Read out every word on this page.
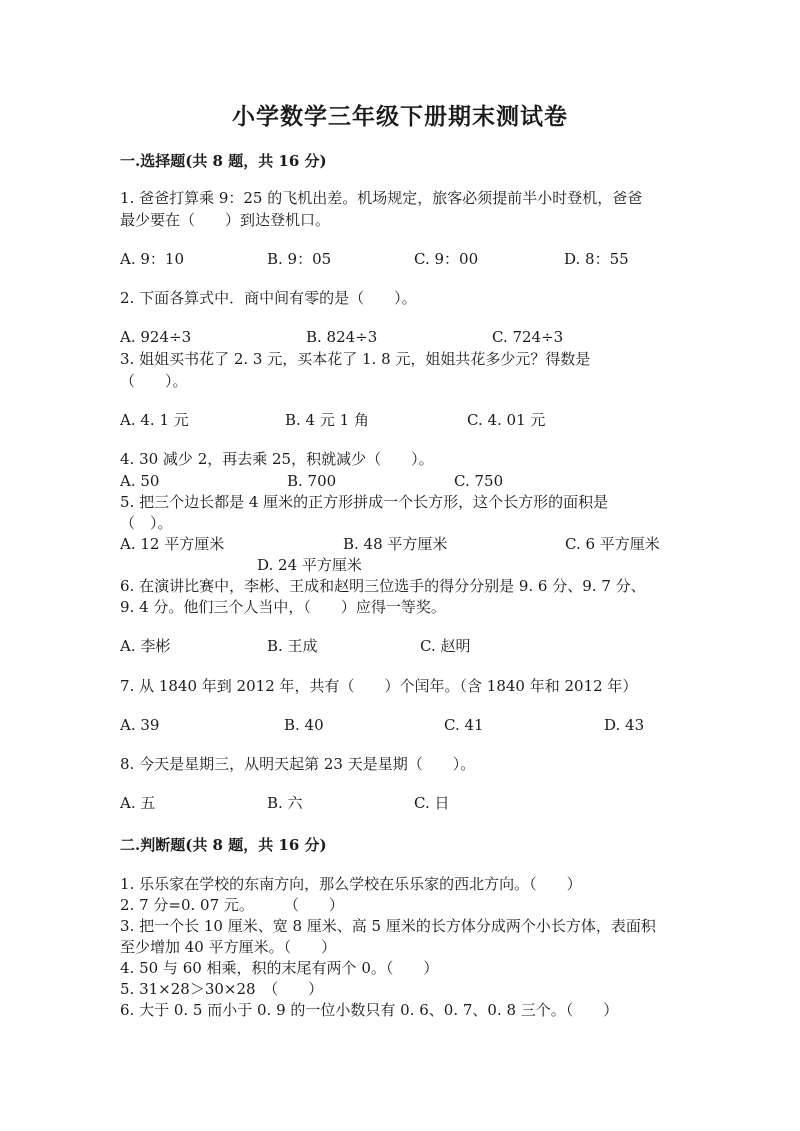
小学数学三年级下册期末测试卷
一.选择题(共 8 题，共 16 分)
1. 爸爸打算乘 9：25 的飞机出差。机场规定，旅客必须提前半小时登机，爸爸
最少要在（　　）到达登机口。
A. 9：10	B. 9：05	C. 9：00	D. 8：55
2. 下面各算式中．商中间有零的是（　　）。
A. 924÷3	B. 824÷3	C. 724÷3
3. 姐姐买书花了 2. 3 元，买本花了 1. 8 元，姐姐共花多少元？得数是
（　　）。
A. 4. 1 元	B. 4 元 1 角	C. 4. 01 元
4. 30 减少 2，再去乘 25，积就减少（　　）。
A. 50	B. 700	C. 750
5. 把三个边长都是 4 厘米的正方形拼成一个长方形，这个长方形的面积是
（　）。
A. 12 平方厘米	B. 48 平方厘米	C. 6 平方厘米
D. 24 平方厘米
6. 在演讲比赛中，李彬、王成和赵明三位选手的得分分别是 9. 6 分、9. 7 分、
9. 4 分。他们三个人当中，（　　）应得一等奖。
A. 李彬	B. 王成	C. 赵明
7. 从 1840 年到 2012 年，共有（　　）个闰年。（含 1840 年和 2012 年）
A. 39	B. 40	C. 41	D. 43
8. 今天是星期三，从明天起第 23 天是星期（　　）。
A. 五	B. 六	C. 日
二.判断题(共 8 题，共 16 分)
1. 乐乐家在学校的东南方向，那么学校在乐乐家的西北方向。（　　）
2. 7 分=0. 07 元。　　　（　　）
3. 把一个长 10 厘米、宽 8 厘米、高 5 厘米的长方体分成两个小长方体，表面积
至少增加 40 平方厘米。（　　）
4. 50 与 60 相乘，积的末尾有两个 0。（　　）
5. 31×28＞30×28　（　　）
6. 大于 0. 5 而小于 0. 9 的一位小数只有 0. 6、0. 7、0. 8 三个。（　　）
